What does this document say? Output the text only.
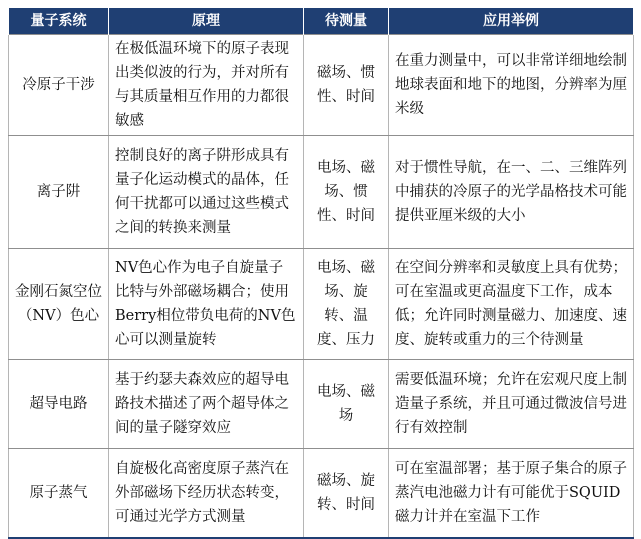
量子系统	原理	待测量	应用举例
冷原子干涉	在极低温环境下的原子表现出类似波的行为，并对所有与其质量相互作用的力都很敏感	磁场、惯性、时间	在重力测量中，可以非常详细地绘制地球表面和地下的地图，分辨率为厘米级
离子阱	控制良好的离子阱形成具有量子化运动模式的晶体，任何干扰都可以通过这些模式之间的转换来测量	电场、磁场、惯性、时间	对于惯性导航，在一、二、三维阵列中捕获的冷原子的光学晶格技术可能提供亚厘米级的大小
金刚石氮空位（NV）色心	NV色心作为电子自旋量子比特与外部磁场耦合；使用Berry相位带负电荷的NV色心可以测量旋转	电场、磁场、旋转、温度、压力	在空间分辨率和灵敏度上具有优势；可在室温或更高温度下工作，成本低；允许同时测量磁力、加速度、速度、旋转或重力的三个待测量
超导电路	基于约瑟夫森效应的超导电路技术描述了两个超导体之间的量子隧穿效应	电场、磁场	需要低温环境；允许在宏观尺度上制造量子系统，并且可通过微波信号进行有效控制
原子蒸气	自旋极化高密度原子蒸汽在外部磁场下经历状态转变，可通过光学方式测量	磁场、旋转、时间	可在室温部署；基于原子集合的原子蒸汽电池磁力计有可能优于SQUID磁力计并在室温下工作
